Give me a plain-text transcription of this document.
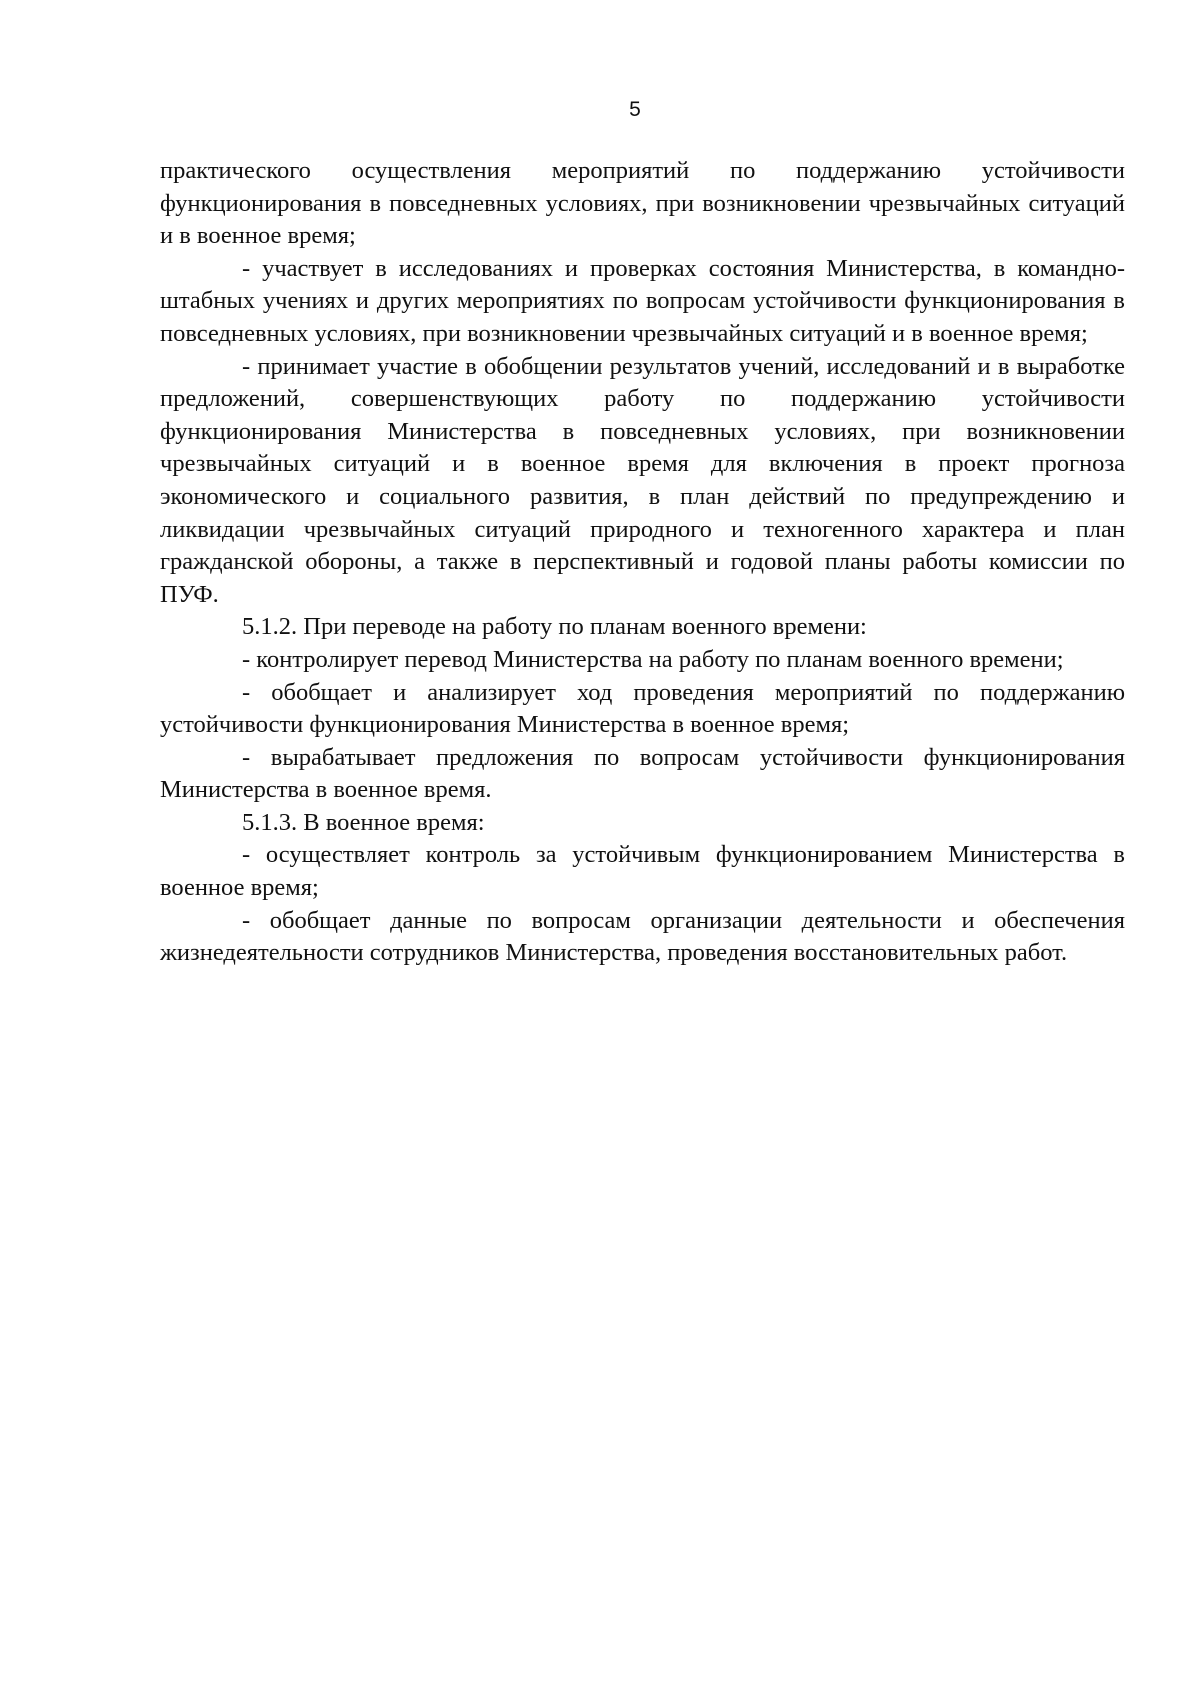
5

практического осуществления мероприятий по поддержанию устойчивости функционирования в повседневных условиях, при возникновении чрезвычайных ситуаций и в военное время;

- участвует в исследованиях и проверках состояния Министерства, в командно-штабных учениях и других мероприятиях по вопросам устойчивости функционирования в повседневных условиях, при возникновении чрезвычайных ситуаций и в военное время;

- принимает участие в обобщении результатов учений, исследований и в выработке предложений, совершенствующих работу по поддержанию устойчивости функционирования Министерства в повседневных условиях, при возникновении чрезвычайных ситуаций и в военное время для включения в проект прогноза экономического и социального развития, в план действий по предупреждению и ликвидации чрезвычайных ситуаций природного и техногенного характера и план гражданской обороны, а также в перспективный и годовой планы работы комиссии по ПУФ.

5.1.2. При переводе на работу по планам военного времени:

- контролирует перевод Министерства на работу по планам военного времени;

- обобщает и анализирует ход проведения мероприятий по поддержанию устойчивости функционирования Министерства в военное время;

- вырабатывает предложения по вопросам устойчивости функционирования Министерства в военное время.

5.1.3. В военное время:

- осуществляет контроль за устойчивым функционированием Министерства в военное время;

- обобщает данные по вопросам организации деятельности и обеспечения жизнедеятельности сотрудников Министерства, проведения восстановительных работ.
